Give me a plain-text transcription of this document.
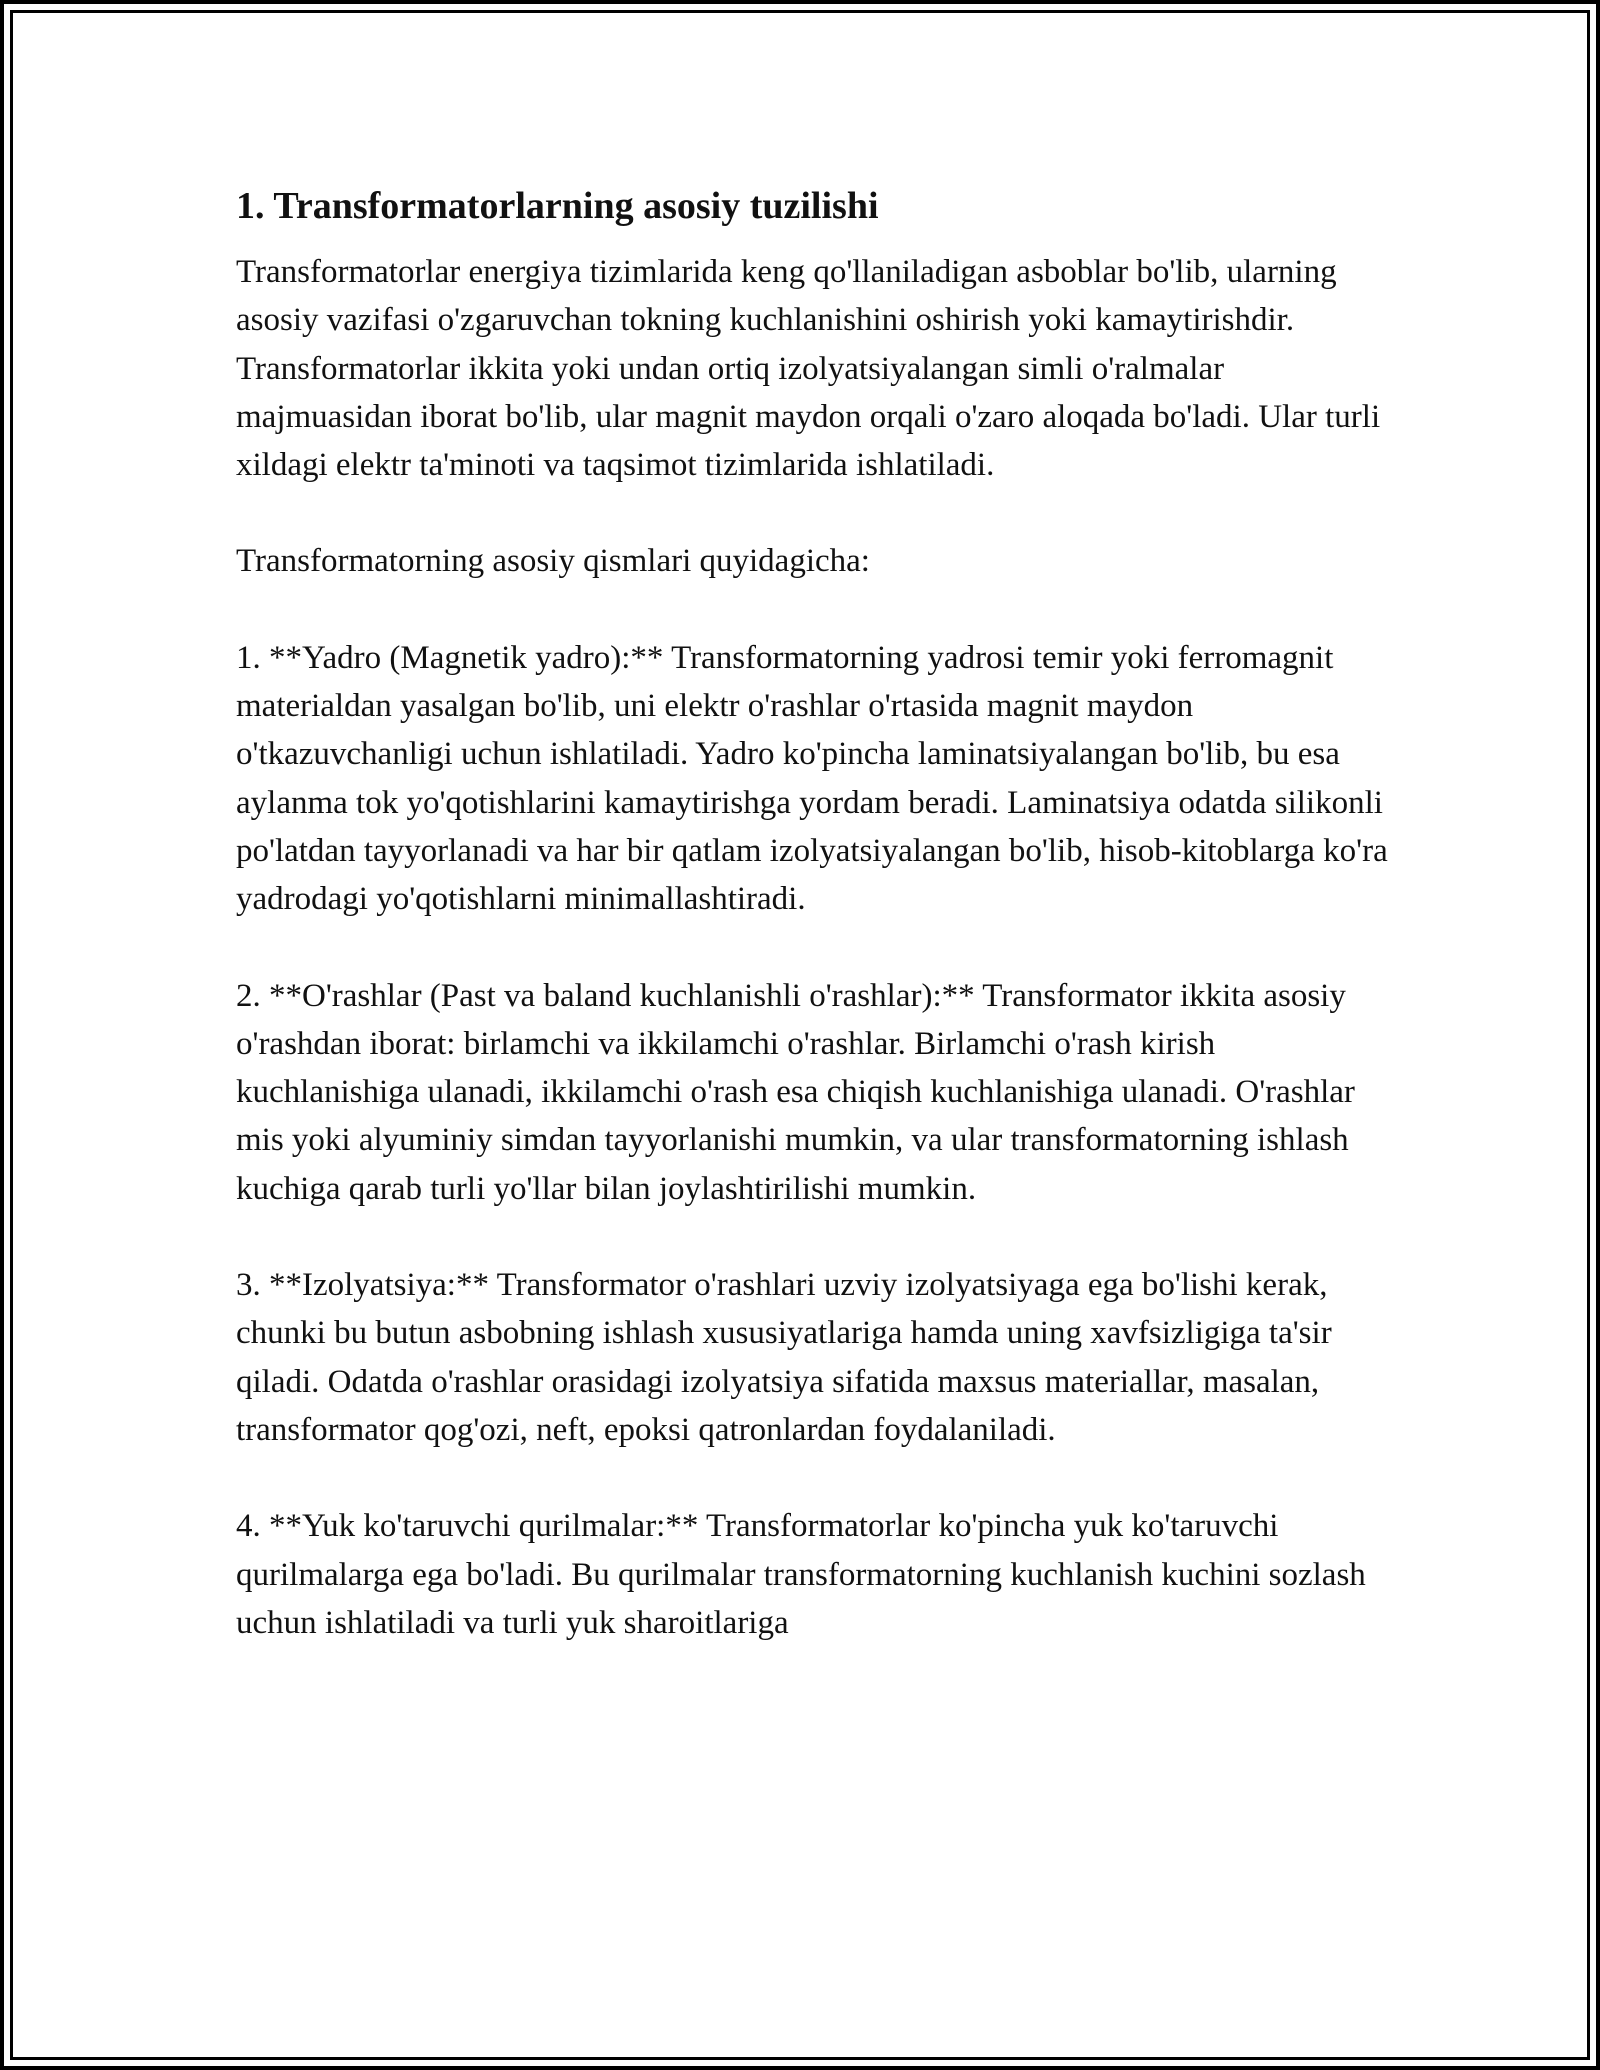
1. Transformatorlarning asosiy tuzilishi

Transformatorlar energiya tizimlarida keng qo'llaniladigan asboblar bo'lib, ularning asosiy vazifasi o'zgaruvchan tokning kuchlanishini oshirish yoki kamaytirishdir. Transformatorlar ikkita yoki undan ortiq izolyatsiyalangan simli o'ralmalar majmuasidan iborat bo'lib, ular magnit maydon orqali o'zaro aloqada bo'ladi. Ular turli xildagi elektr ta'minoti va taqsimot tizimlarida ishlatiladi.

Transformatorning asosiy qismlari quyidagicha:

1. **Yadro (Magnetik yadro):** Transformatorning yadrosi temir yoki ferromagnit materialdan yasalgan bo'lib, uni elektr o'rashlar o'rtasida magnit maydon o'tkazuvchanligi uchun ishlatiladi. Yadro ko'pincha laminatsiyalangan bo'lib, bu esa aylanma tok yo'qotishlarini kamaytirishga yordam beradi. Laminatsiya odatda silikonli po'latdan tayyorlanadi va har bir qatlam izolyatsiyalangan bo'lib, hisob-kitoblarga ko'ra yadrodagi yo'qotishlarni minimallashtiradi.

2. **O'rashlar (Past va baland kuchlanishli o'rashlar):** Transformator ikkita asosiy o'rashdan iborat: birlamchi va ikkilamchi o'rashlar. Birlamchi o'rash kirish kuchlanishiga ulanadi, ikkilamchi o'rash esa chiqish kuchlanishiga ulanadi. O'rashlar mis yoki alyuminiy simdan tayyorlanishi mumkin, va ular transformatorning ishlash kuchiga qarab turli yo'llar bilan joylashtirilishi mumkin.

3. **Izolyatsiya:** Transformator o'rashlari uzviy izolyatsiyaga ega bo'lishi kerak, chunki bu butun asbobning ishlash xususiyatlariga hamda uning xavfsizligiga ta'sir qiladi. Odatda o'rashlar orasidagi izolyatsiya sifatida maxsus materiallar, masalan, transformator qog'ozi, neft, epoksi qatronlardan foydalaniladi.

4. **Yuk ko'taruvchi qurilmalar:** Transformatorlar ko'pincha yuk ko'taruvchi qurilmalarga ega bo'ladi. Bu qurilmalar transformatorning kuchlanish kuchini sozlash uchun ishlatiladi va turli yuk sharoitlariga
